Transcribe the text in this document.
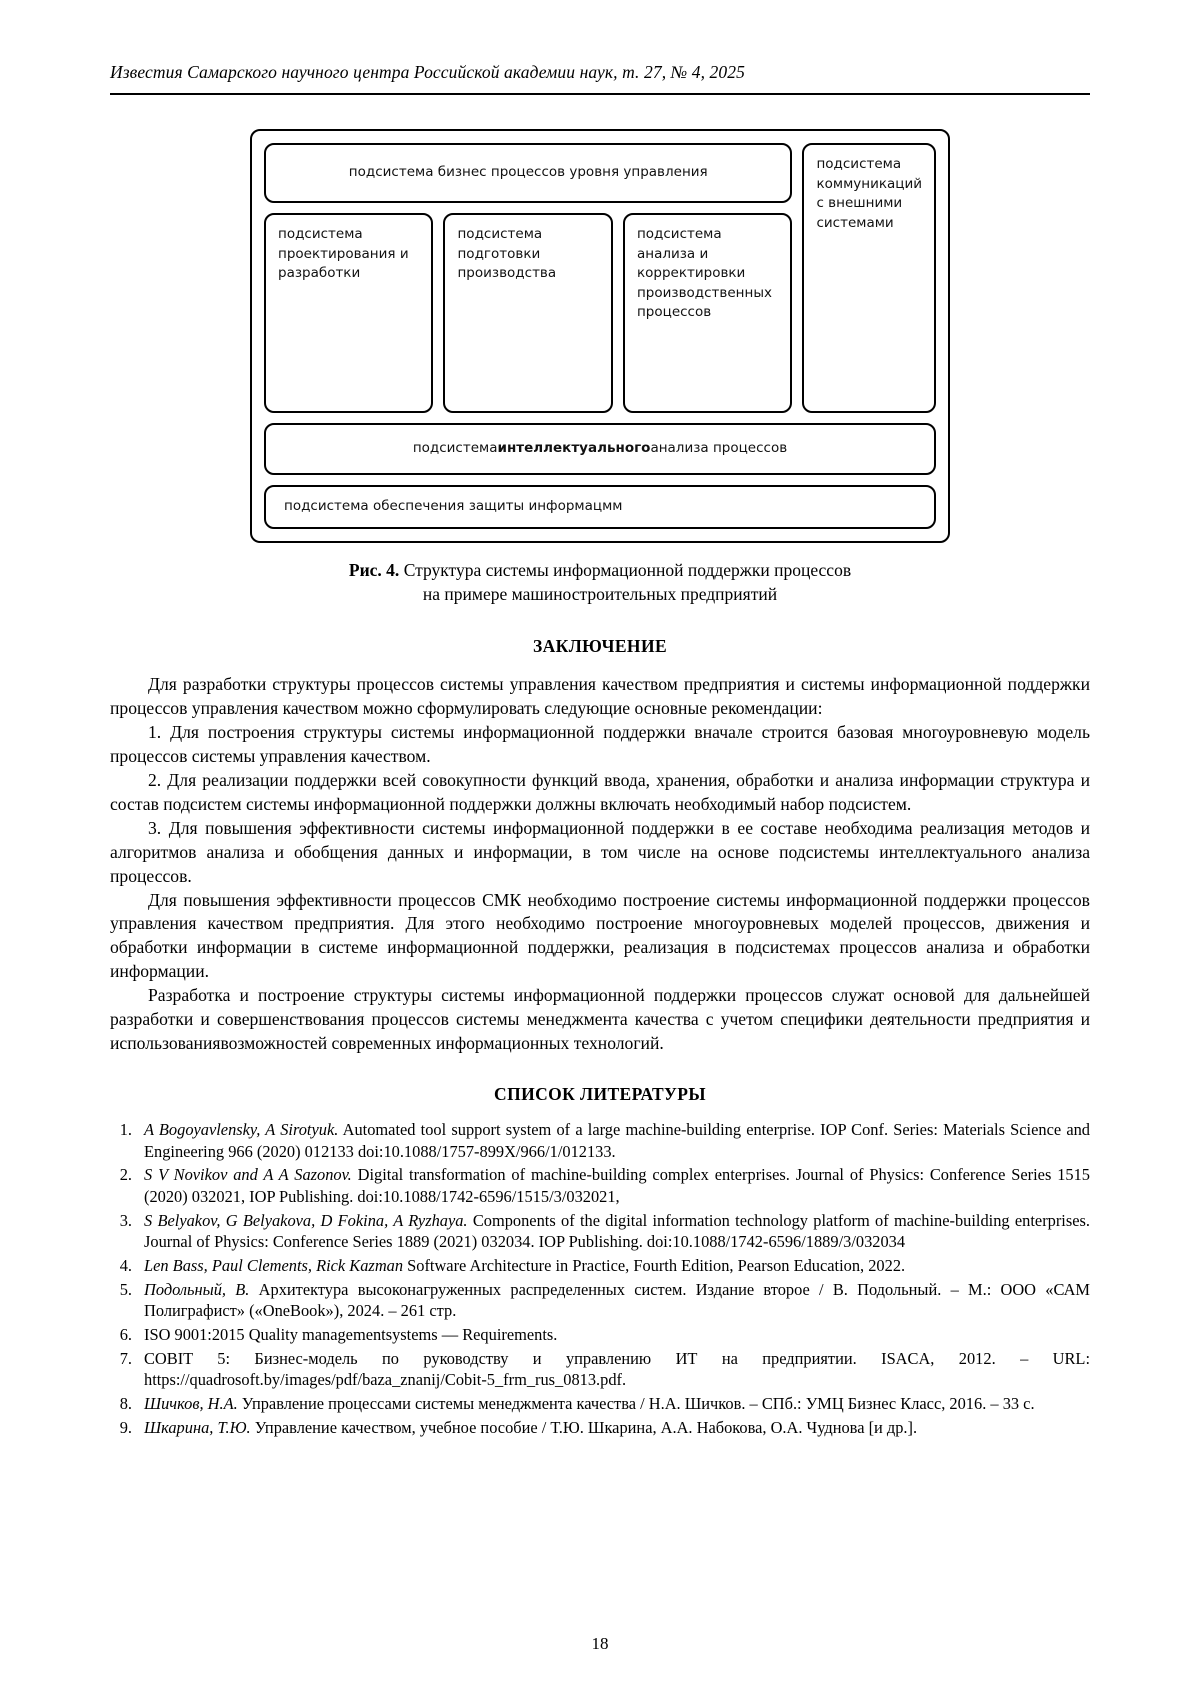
Известия Самарского научного центра Российской академии наук, т. 27, № 4, 2025
подсистема бизнес процессов уровня управления
подсистема проектирования и разработки
подсистема подготовки производства
подсистема анализа и корректировки производственных процессов
подсистема коммуникаций с внешними системами
подсистема интеллектуального анализа процессов
подсистема обеспечения защиты информацмм
Рис. 4. Структура системы информационной поддержки процессов
на примере машиностроительных предприятий
ЗАКЛЮЧЕНИЕ

Для разработки структуры процессов системы управления качеством предприятия и системы информационной поддержки процессов управления качеством можно сформулировать следующие основные рекомендации:

1. Для построения структуры системы информационной поддержки вначале строится базовая многоуровневую модель процессов системы управления качеством.

2. Для реализации поддержки всей совокупности функций ввода, хранения, обработки и анализа информации структура и состав подсистем системы информационной поддержки должны включать необходимый набор подсистем.

3. Для повышения эффективности системы информационной поддержки в ее составе необходима реализация методов и алгоритмов анализа и обобщения данных и информации, в том числе на основе подсистемы интеллектуального анализа процессов.

Для повышения эффективности процессов СМК необходимо построение системы информационной поддержки процессов управления качеством предприятия. Для этого необходимо построение многоуровневых моделей процессов, движения и обработки информации в системе информационной поддержки, реализация в подсистемах процессов анализа и обработки информации.

Разработка и построение структуры системы информационной поддержки процессов служат основой для дальнейшей разработки и совершенствования процессов системы менеджмента качества с учетом специфики деятельности предприятия и использованиявозможностей современных информационных технологий.

СПИСОК ЛИТЕРАТУРЫ
1. A Bogoyavlensky, A Sirotyuk. Automated tool support system of a large machine-building enterprise. IOP Conf. Series: Materials Science and Engineering 966 (2020) 012133 doi:10.1088/1757-899X/966/1/012133.
2. S V Novikov and A A Sazonov. Digital transformation of machine-building complex enterprises. Journal of Physics: Conference Series 1515 (2020) 032021, IOP Publishing. doi:10.1088/1742-6596/1515/3/032021,
3. S Belyakov, G Belyakova, D Fokina, A Ryzhaya. Components of the digital information technology platform of machine-building enterprises. Journal of Physics: Conference Series 1889 (2021) 032034. IOP Publishing. doi:10.1088/1742-6596/1889/3/032034
4. Len Bass, Paul Clements, Rick Kazman Software Architecture in Practice, Fourth Edition, Pearson Education, 2022.
5. Подольный, В. Архитектура высоконагруженных распределенных систем. Издание второе / В. Подольный. – М.: ООО «САМ Полиграфист» («OneBook»), 2024. – 261 стр.
6. ISO 9001:2015 Quality managementsystems — Requirements.
7. COBIT 5: Бизнес-модель по руководству и управлению ИТ на предприятии. ISACA, 2012. – URL: https://quadrosoft.by/images/pdf/baza_znanij/Cobit-5_frm_rus_0813.pdf.
8. Шичков, Н.А. Управление процессами системы менеджмента качества / Н.А. Шичков. – СПб.: УМЦ Бизнес Класс, 2016. – 33 с.
9. Шкарина, Т.Ю. Управление качеством, учебное пособие / Т.Ю. Шкарина, А.А. Набокова, О.А. Чуднова [и др.].
18
